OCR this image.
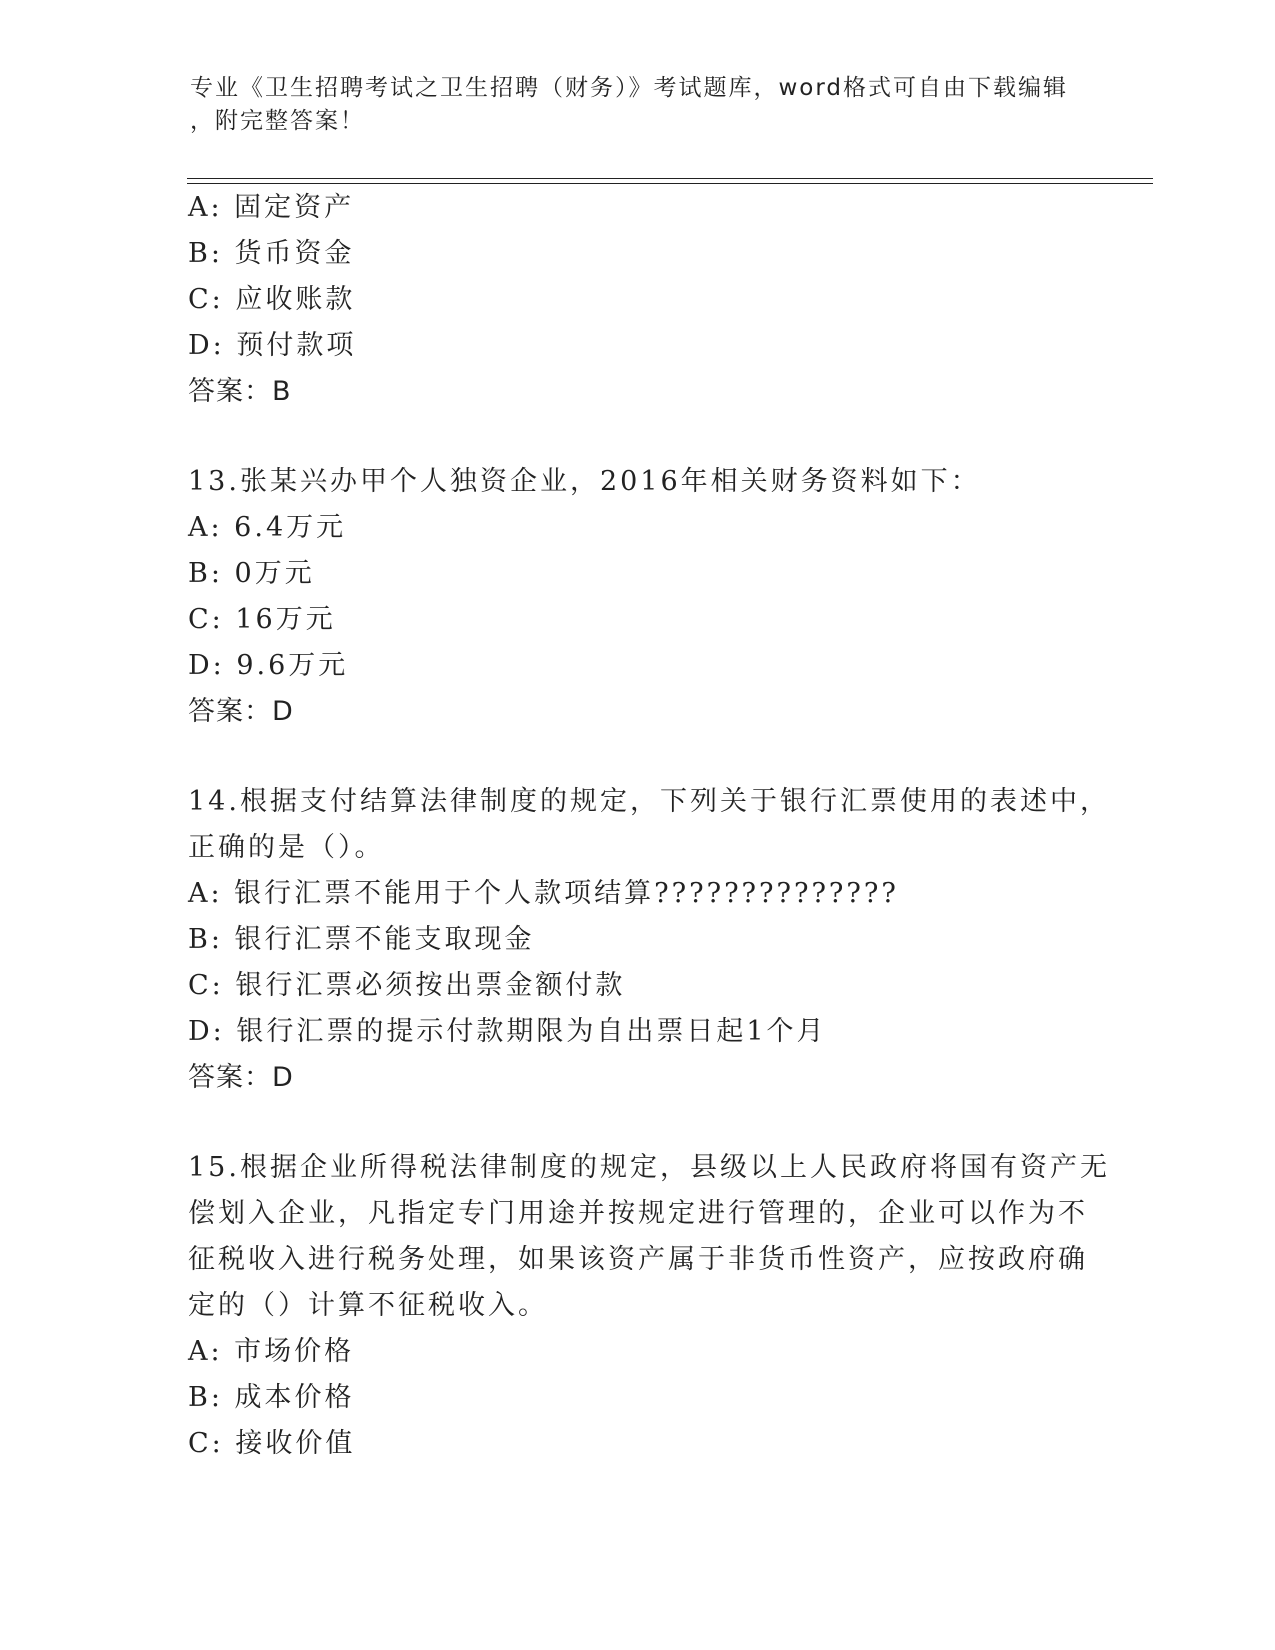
专业《卫生招聘考试之卫生招聘（财务）》考试题库，word格式可自由下载编辑
，附完整答案！
A: 固定资产
B: 货币资金
C: 应收账款
D: 预付款项
答案：B
13.张某兴办甲个人独资企业，2016年相关财务资料如下：
A: 6.4万元
B: 0万元
C: 16万元
D: 9.6万元
答案：D
14.根据支付结算法律制度的规定，下列关于银行汇票使用的表述中，
正确的是（）。
A: 银行汇票不能用于个人款项结算??????????????
B: 银行汇票不能支取现金
C: 银行汇票必须按出票金额付款
D: 银行汇票的提示付款期限为自出票日起1个月
答案：D
15.根据企业所得税法律制度的规定，县级以上人民政府将国有资产无
偿划入企业，凡指定专门用途并按规定进行管理的，企业可以作为不
征税收入进行税务处理，如果该资产属于非货币性资产，应按政府确
定的（）计算不征税收入。
A: 市场价格
B: 成本价格
C: 接收价值
